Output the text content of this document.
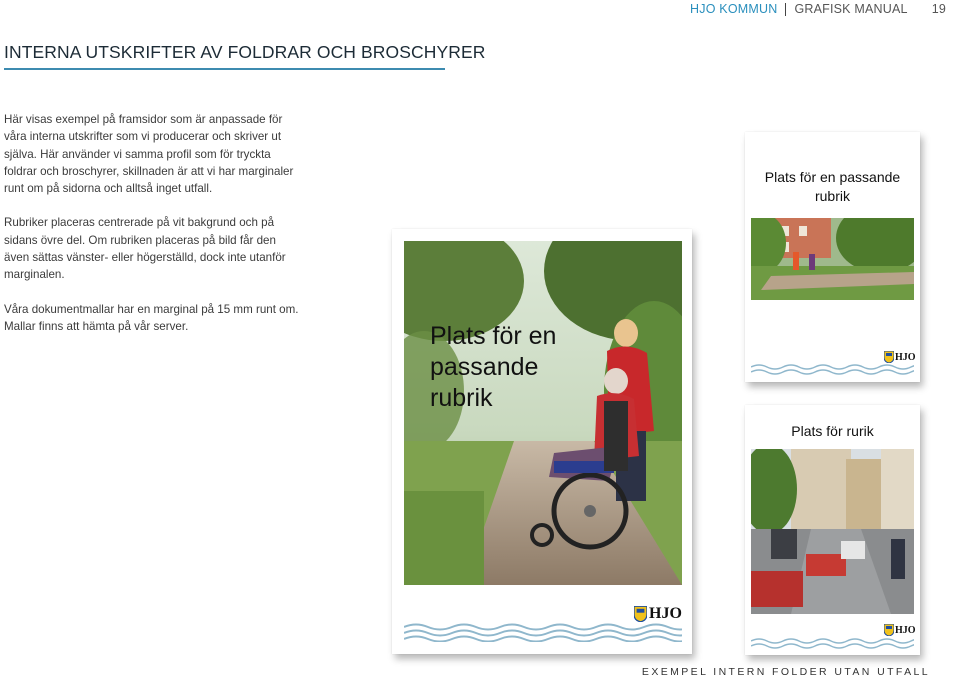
HJO KOMMUN GRAFISK MANUAL 19
INTERNA UTSKRIFTER AV FOLDRAR OCH BROSCHYRER

Här visas exempel på framsidor som är anpassade för våra interna utskrifter som vi producerar och skriver ut själva. Här använder vi samma profil som för tryckta foldrar och broschyrer, skillnaden är att vi har marginaler runt om på sidorna och alltså inget utfall.

Rubriker placeras centrerade på vit bakgrund och på sidans övre del. Om rubriken placeras på bild får den även sättas vänster- eller högerställd, dock inte utanför marginalen.

Våra dokumentmallar har en marginal på 15 mm runt om. Mallar finns att hämta på vår server.	Plats för en passande rubrik
HJO
Plats för en passande rubrik
HJO
Plats för rurik
HJO
EXEMPEL INTERN FOLDER UTAN UTFALL
